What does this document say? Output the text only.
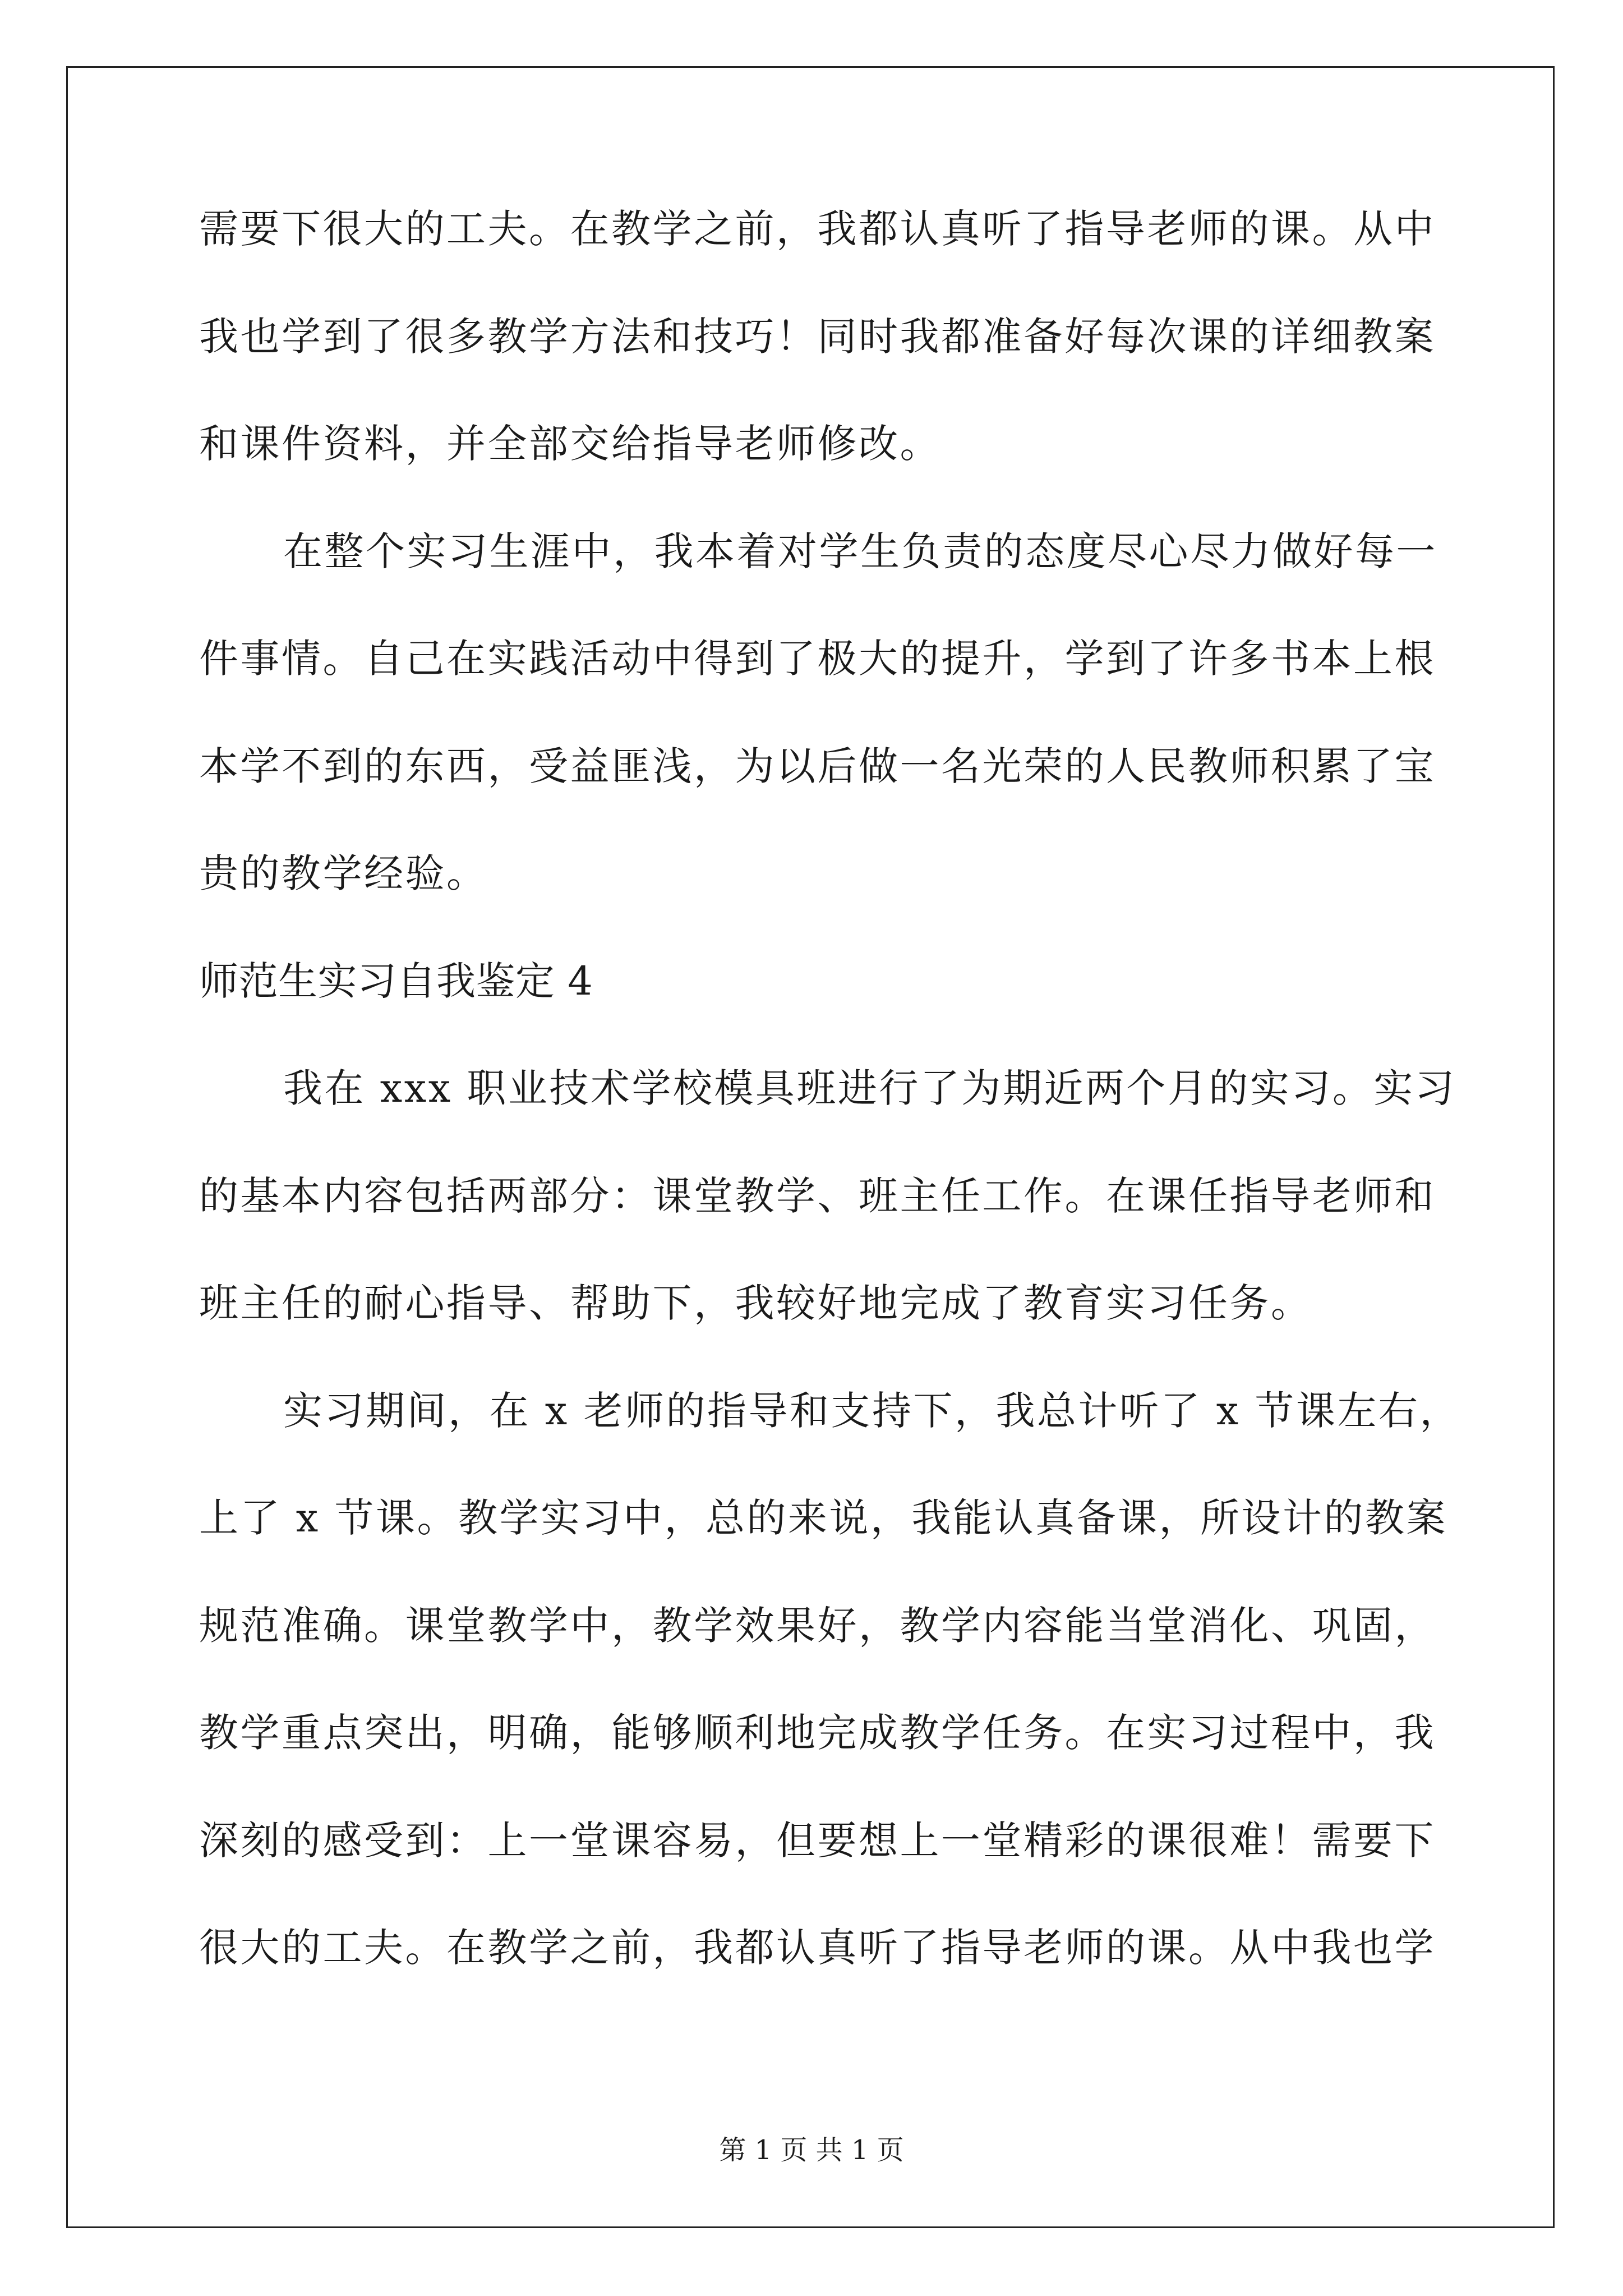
需要下很大的工夫。在教学之前，我都认真听了指导老师的课。从中
我也学到了很多教学方法和技巧！同时我都准备好每次课的详细教案
和课件资料，并全部交给指导老师修改。
在整个实习生涯中，我本着对学生负责的态度尽心尽力做好每一
件事情。自己在实践活动中得到了极大的提升，学到了许多书本上根
本学不到的东西，受益匪浅，为以后做一名光荣的人民教师积累了宝
贵的教学经验。
师范生实习自我鉴定 4
我在 xxx 职业技术学校模具班进行了为期近两个月的实习。实习
的基本内容包括两部分：课堂教学、班主任工作。在课任指导老师和
班主任的耐心指导、帮助下，我较好地完成了教育实习任务。
实习期间，在 x 老师的指导和支持下，我总计听了 x 节课左右，
上了 x 节课。教学实习中，总的来说，我能认真备课，所设计的教案
规范准确。课堂教学中，教学效果好，教学内容能当堂消化、巩固，
教学重点突出，明确，能够顺利地完成教学任务。在实习过程中，我
深刻的感受到：上一堂课容易，但要想上一堂精彩的课很难！需要下
很大的工夫。在教学之前，我都认真听了指导老师的课。从中我也学
第 1 页 共 1 页
